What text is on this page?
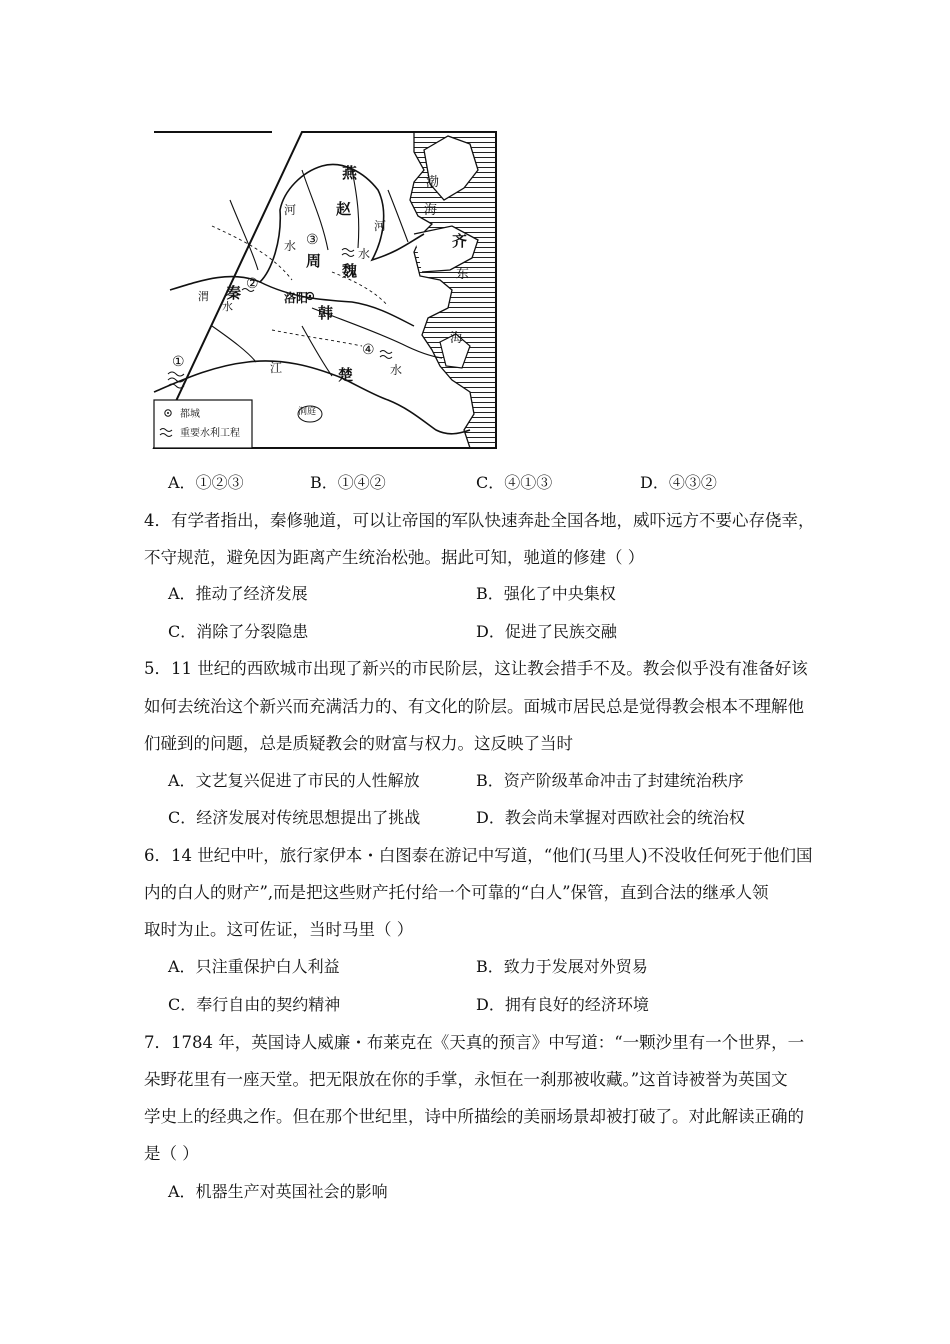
燕
赵
齐
秦
周
魏
韩
楚
洛阳
渤
海
东
海
河
水
河
水
江	水
渭
水
洞庭
①
②
③
④
都城
重要水利工程
A．①②③	B．①④②	C．④①③	D．④③②
4．有学者指出，秦修驰道，可以让帝国的军队快速奔赴全国各地，威吓远方不要心存侥幸，
不守规范，避免因为距离产生统治松弛。据此可知，驰道的修建（ ）
A．推动了经济发展	B．强化了中央集权
C．消除了分裂隐患	D．促进了民族交融
5．11 世纪的西欧城市出现了新兴的市民阶层，这让教会措手不及。教会似乎没有准备好该
如何去统治这个新兴而充满活力的、有文化的阶层。面城市居民总是觉得教会根本不理解他
们碰到的问题，总是质疑教会的财富与权力。这反映了当时
A．文艺复兴促进了市民的人性解放	B．资产阶级革命冲击了封建统治秩序
C．经济发展对传统思想提出了挑战	D．教会尚未掌握对西欧社会的统治权
6．14 世纪中叶，旅行家伊本・白图泰在游记中写道，“他们(马里人)不没收任何死于他们国
内的白人的财产”,而是把这些财产托付给一个可靠的“白人”保管，直到合法的继承人领
取时为止。这可佐证，当时马里（ ）
A．只注重保护白人利益	B．致力于发展对外贸易
C．奉行自由的契约精神	D．拥有良好的经济环境
7．1784 年，英国诗人威廉・布莱克在《天真的预言》中写道：“一颗沙里有一个世界，一
朵野花里有一座天堂。把无限放在你的手掌，永恒在一刹那被收藏。”这首诗被誉为英国文
学史上的经典之作。但在那个世纪里，诗中所描绘的美丽场景却被打破了。对此解读正确的
是（ ）
A．机器生产对英国社会的影响
